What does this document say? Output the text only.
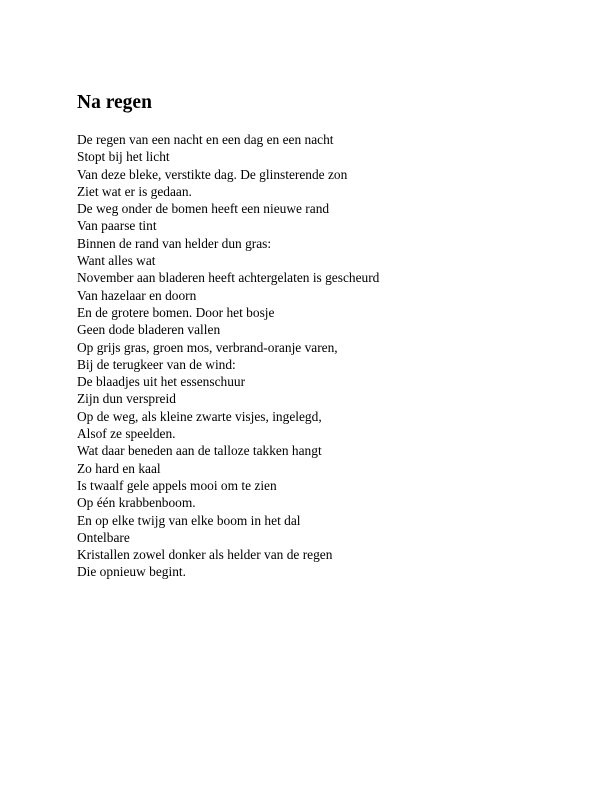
Na regen
De regen van een nacht en een dag en een nacht
Stopt bij het licht
Van deze bleke, verstikte dag. De glinsterende zon
Ziet wat er is gedaan.
De weg onder de bomen heeft een nieuwe rand
Van paarse tint
Binnen de rand van helder dun gras:
Want alles wat
November aan bladeren heeft achtergelaten is gescheurd
Van hazelaar en doorn
En de grotere bomen. Door het bosje
Geen dode bladeren vallen
Op grijs gras, groen mos, verbrand-oranje varen,
Bij de terugkeer van de wind:
De blaadjes uit het essenschuur
Zijn dun verspreid
Op de weg, als kleine zwarte visjes, ingelegd,
Alsof ze speelden.
Wat daar beneden aan de talloze takken hangt
Zo hard en kaal
Is twaalf gele appels mooi om te zien
Op één krabbenboom.
En op elke twijg van elke boom in het dal
Ontelbare
Kristallen zowel donker als helder van de regen
Die opnieuw begint.
